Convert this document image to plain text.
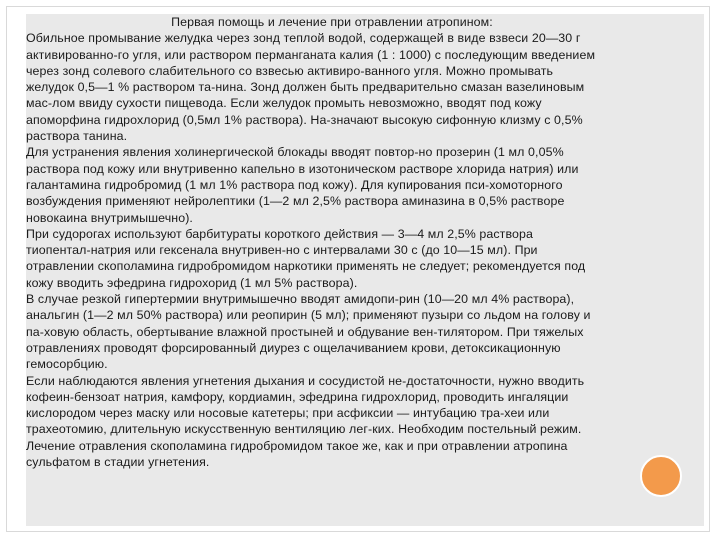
Первая помощь и лечение при отравлении атропином:
Обильное промывание желудка через зонд теплой водой, содержащей в виде взвеси 20—30 г
активированно-го угля, или раствором перманганата калия (1 : 1000) с последующим введением
через зонд солевого слабительного со взвесью активиро-ванного угля. Можно промывать
желудок 0,5—1 % раствором та-нина. Зонд должен быть предварительно смазан вазелиновым
мас-лом ввиду сухости пищевода. Если желудок промыть невозможно, вводят под кожу
апоморфина гидрохлорид (0,5мл 1% раствора). На-значают высокую сифонную клизму с 0,5%
раствора танина.
Для устранения явления холинергической блокады вводят повтор-но прозерин (1 мл 0,05%
раствора под кожу или внутривенно капельно в изотоническом растворе хлорида натрия) или
галантамина гидробромид (1 мл 1% раствора под кожу). Для купирования пси-хомоторного
возбуждения применяют нейролептики (1—2 мл 2,5% раствора аминазина в 0,5% растворе
новокаина внутримышечно).
При судорогах используют барбитураты короткого действия — 3—4 мл 2,5% раствора
тиопентал-натрия или гексенала внутривен-но с интервалами 30 с (до 10—15 мл). При
отравлении скополамина гидробромидом наркотики применять не следует; рекомендуется под
кожу вводить эфедрина гидрохорид (1 мл 5% раствора).
В случае резкой гипертермии внутримышечно вводят амидопи-рин (10—20 мл 4% раствора),
анальгин (1—2 мл 50% раствора) или реопирин (5 мл); применяют пузыри со льдом на голову и
па-ховую область, обертывание влажной простыней и обдувание вен-тилятором. При тяжелых
отравлениях проводят форсированный диурез с ощелачиванием крови, детоксикационную
гемосорбцию.
Если наблюдаются явления угнетения дыхания и сосудистой не-достаточности, нужно вводить
кофеин-бензоат натрия, камфору, кордиамин, эфедрина гидрохлорид, проводить ингаляции
кислородом через маску или носовые катетеры; при асфиксии — интубацию тра-хеи или
трахеотомию, длительную искусственную вентиляцию лег-ких. Необходим постельный режим.
Лечение отравления скополамина гидробромидом такое же, как и при отравлении атропина
сульфатом в стадии угнетения.
